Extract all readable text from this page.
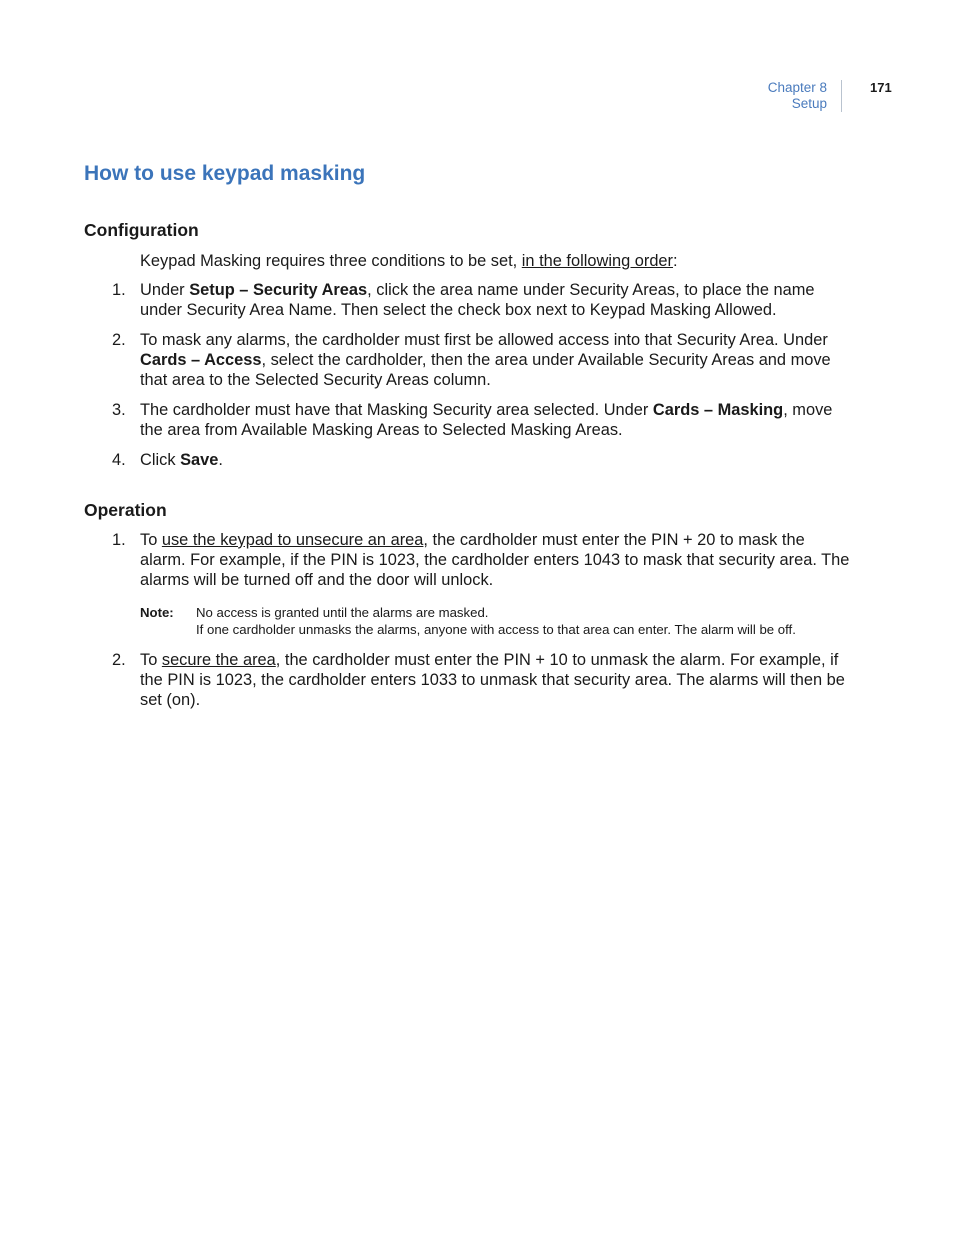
Chapter 8
Setup
171
How to use keypad masking
Configuration
Keypad Masking requires three conditions to be set, in the following order:
1. Under Setup – Security Areas, click the area name under Security Areas, to place the name under Security Area Name. Then select the check box next to Keypad Masking Allowed.
2. To mask any alarms, the cardholder must first be allowed access into that Security Area. Under Cards – Access, select the cardholder, then the area under Available Security Areas and move that area to the Selected Security Areas column.
3. The cardholder must have that Masking Security area selected. Under Cards – Masking, move the area from Available Masking Areas to Selected Masking Areas.
4. Click Save.
Operation
1. To use the keypad to unsecure an area, the cardholder must enter the PIN + 20 to mask the alarm. For example, if the PIN is 1023, the cardholder enters 1043 to mask that security area. The alarms will be turned off and the door will unlock.
Note: No access is granted until the alarms are masked.
If one cardholder unmasks the alarms, anyone with access to that area can enter. The alarm will be off.
2. To secure the area, the cardholder must enter the PIN + 10 to unmask the alarm. For example, if the PIN is 1023, the cardholder enters 1033 to unmask that security area. The alarms will then be set (on).
